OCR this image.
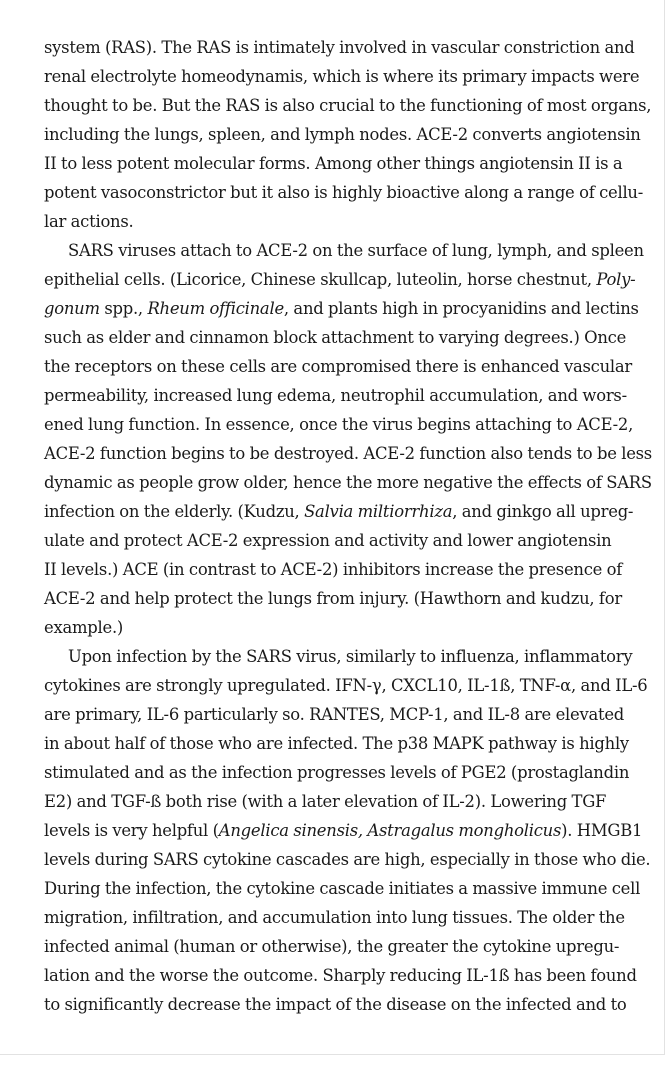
system (RAS). The RAS is intimately involved in vascular constriction and
renal electrolyte homeodynamis, which is where its primary impacts were
thought to be. But the RAS is also crucial to the functioning of most organs,
including the lungs, spleen, and lymph nodes. ACE-2 converts angiotensin
II to less potent molecular forms. Among other things angiotensin II is a
potent vasoconstrictor but it also is highly bioactive along a range of cellu-
lar actions.
SARS viruses attach to ACE-2 on the surface of lung, lymph, and spleen
epithelial cells. (Licorice, Chinese skullcap, luteolin, horse chestnut, Poly-
gonum spp., Rheum officinale, and plants high in procyanidins and lectins
such as elder and cinnamon block attachment to varying degrees.) Once
the receptors on these cells are compromised there is enhanced vascular
permeability, increased lung edema, neutrophil accumulation, and wors-
ened lung function. In essence, once the virus begins attaching to ACE-2,
ACE-2 function begins to be destroyed. ACE-2 function also tends to be less
dynamic as people grow older, hence the more negative the effects of SARS
infection on the elderly. (Kudzu, Salvia miltiorrhiza, and ginkgo all upreg-
ulate and protect ACE-2 expression and activity and lower angiotensin
II levels.) ACE (in contrast to ACE-2) inhibitors increase the presence of
ACE-2 and help protect the lungs from injury. (Hawthorn and kudzu, for
example.)
Upon infection by the SARS virus, similarly to influenza, inflammatory
cytokines are strongly upregulated. IFN-γ, CXCL10, IL-1ß, TNF-α, and IL-6
are primary, IL-6 particularly so. RANTES, MCP-1, and IL-8 are elevated
in about half of those who are infected. The p38 MAPK pathway is highly
stimulated and as the infection progresses levels of PGE2 (prostaglandin
E2) and TGF-ß both rise (with a later elevation of IL-2). Lowering TGF
levels is very helpful (Angelica sinensis, Astragalus mongholicus). HMGB1
levels during SARS cytokine cascades are high, especially in those who die.
During the infection, the cytokine cascade initiates a massive immune cell
migration, infiltration, and accumulation into lung tissues. The older the
infected animal (human or otherwise), the greater the cytokine upregu-
lation and the worse the outcome. Sharply reducing IL-1ß has been found
to significantly decrease the impact of the disease on the infected and to
